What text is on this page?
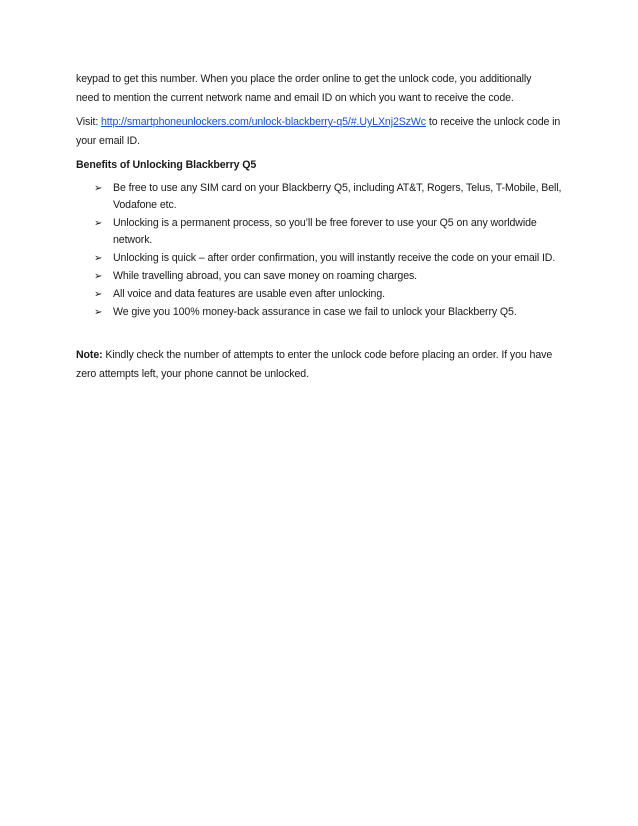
keypad to get this number. When you place the order online to get the unlock code, you additionally
need to mention the current network name and email ID on which you want to receive the code.

Visit: http://smartphoneunlockers.com/unlock-blackberry-q5/#.UyLXnj2SzWc to receive the unlock code in your email ID.

Benefits of Unlocking Blackberry Q5

➢ Be free to use any SIM card on your Blackberry Q5, including AT&T, Rogers, Telus, T-Mobile, Bell, Vodafone etc.
➢ Unlocking is a permanent process, so you’ll be free forever to use your Q5 on any worldwide network.
➢ Unlocking is quick – after order confirmation, you will instantly receive the code on your email ID.
➢ While travelling abroad, you can save money on roaming charges.
➢ All voice and data features are usable even after unlocking.
➢ We give you 100% money-back assurance in case we fail to unlock your Blackberry Q5.

Note: Kindly check the number of attempts to enter the unlock code before placing an order. If you have zero attempts left, your phone cannot be unlocked.
